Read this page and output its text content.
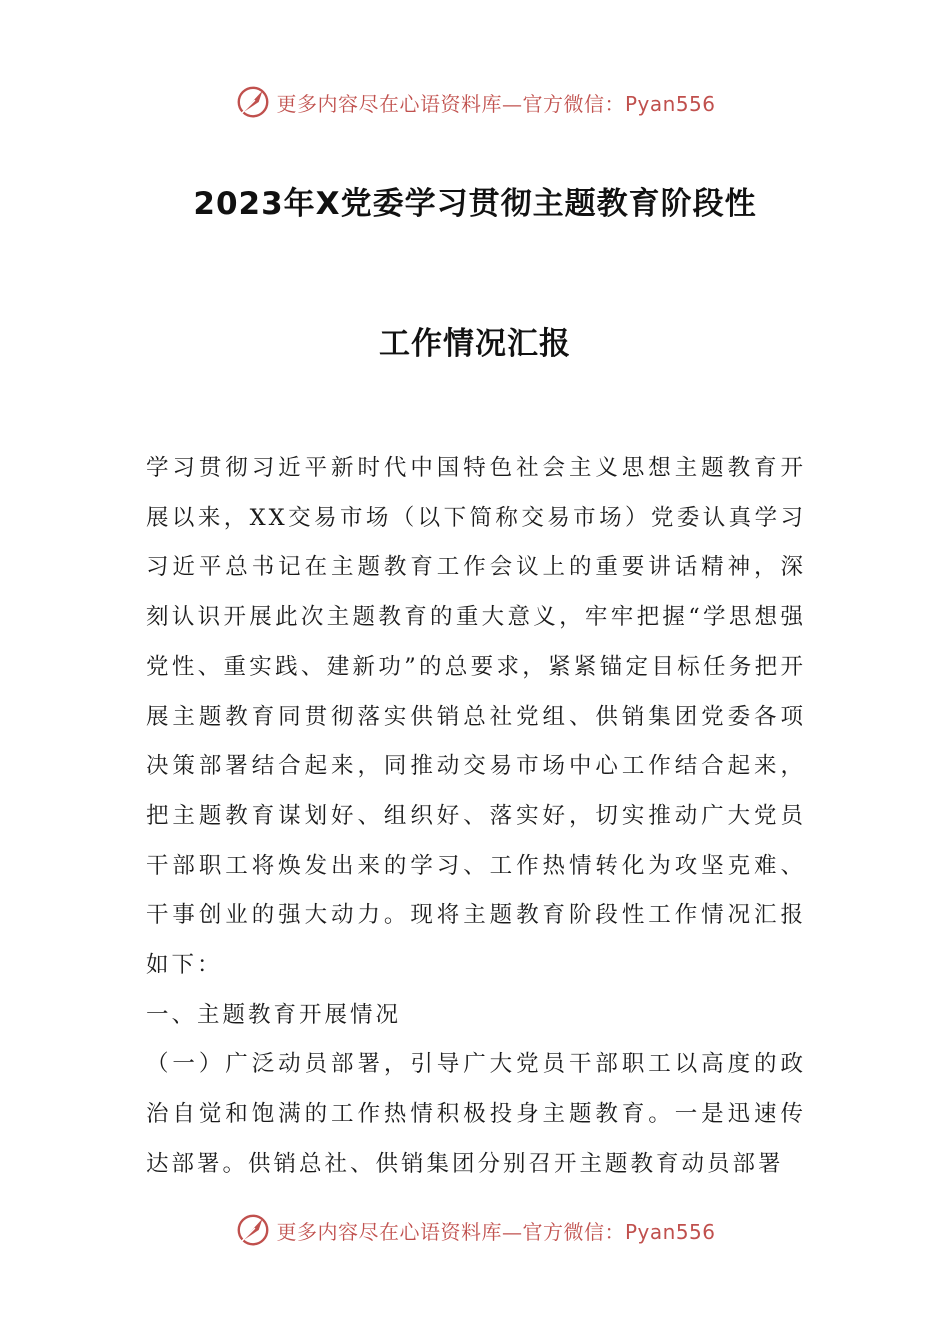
更多内容尽在心语资料库—官方微信：Pyan556
2023年X党委学习贯彻主题教育阶段性
工作情况汇报

学习贯彻习近平新时代中国特色社会主义思想主题教育开展以来，XX交易市场（以下简称交易市场）党委认真学习习近平总书记在主题教育工作会议上的重要讲话精神，深刻认识开展此次主题教育的重大意义，牢牢把握“学思想强党性、重实践、建新功”的总要求，紧紧锚定目标任务把开展主题教育同贯彻落实供销总社党组、供销集团党委各项决策部署结合起来，同推动交易市场中心工作结合起来，把主题教育谋划好、组织好、落实好，切实推动广大党员干部职工将焕发出来的学习、工作热情转化为攻坚克难、干事创业的强大动力。现将主题教育阶段性工作情况汇报如下：

一、主题教育开展情况

（一）广泛动员部署，引导广大党员干部职工以高度的政治自觉和饱满的工作热情积极投身主题教育。一是迅速传达部署。供销总社、供销集团分别召开主题教育动员部署

更多内容尽在心语资料库—官方微信：Pyan556
